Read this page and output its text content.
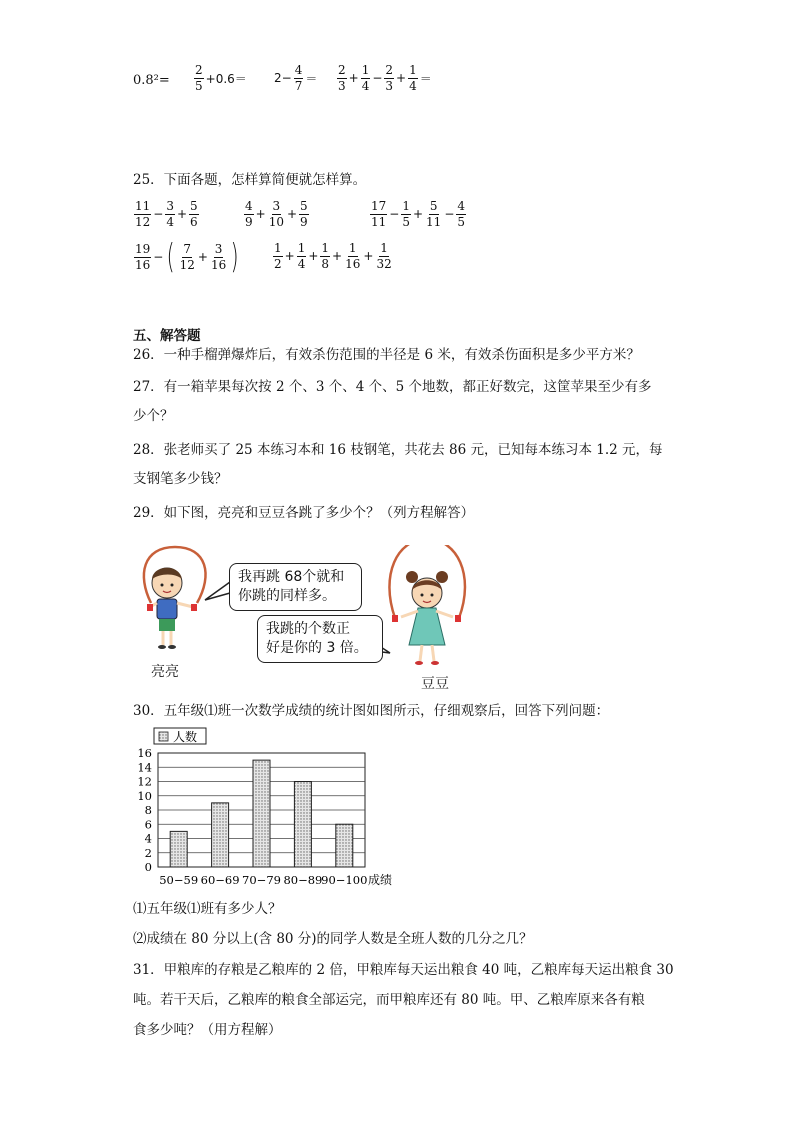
$0.8^2= \frac{2}{5} +0.6= 2- \frac{4}{7} = \frac{2}{3} + \frac{1}{4} - \frac{2}{3} + \frac{1}{4}$ ＝
25．下面各题，怎样算简便就怎样算。
$\frac{11}{12} - \frac{3}{4} + \frac{5}{6}$	$\frac{4}{9} + \frac{3}{10} + \frac{5}{9}$	$\frac{17}{11} - \frac{1}{5} + \frac{5}{11} - \frac{4}{5}$
$\frac{19}{16}$ − ( $\frac{7}{12} + \frac{3}{16}$ )	$\frac{1}{2} + \frac{1}{4} + \frac{1}{8} + \frac{1}{16} + \frac{1}{32}$
五、解答题
26．一种手榴弹爆炸后，有效杀伤范围的半径是 6 米，有效杀伤面积是多少平方米？
27．有一箱苹果每次按 2 个、3 个、4 个、5 个地数，都正好数完，这筐苹果至少有多
少个？
28．张老师买了 25 本练习本和 16 枝钢笔，共花去 86 元，已知每本练习本 1.2 元，每
支钢笔多少钱？
29．如下图，亮亮和豆豆各跳了多少个？（列方程解答）
我再跳 68个就和
你跳的同样多。
我跳的个数正
好是你的 3 倍。
亮亮
豆豆
30．五年级⑴班一次数学成绩的统计图如图所示，仔细观察后，回答下列问题：
0
2
4
6
8
10
12
14
16
50−59 60−69 70−79 80−89
90−100 成绩
人数
⑴五年级⑴班有多少人？
⑵成绩在 80 分以上(含 80 分)的同学人数是全班人数的几分之几？
31．甲粮库的存粮是乙粮库的 2 倍，甲粮库每天运出粮食 40 吨，乙粮库每天运出粮食 30
吨。若干天后，乙粮库的粮食全部运完，而甲粮库还有 80 吨。甲、乙粮库原来各有粮
食多少吨？（用方程解）
